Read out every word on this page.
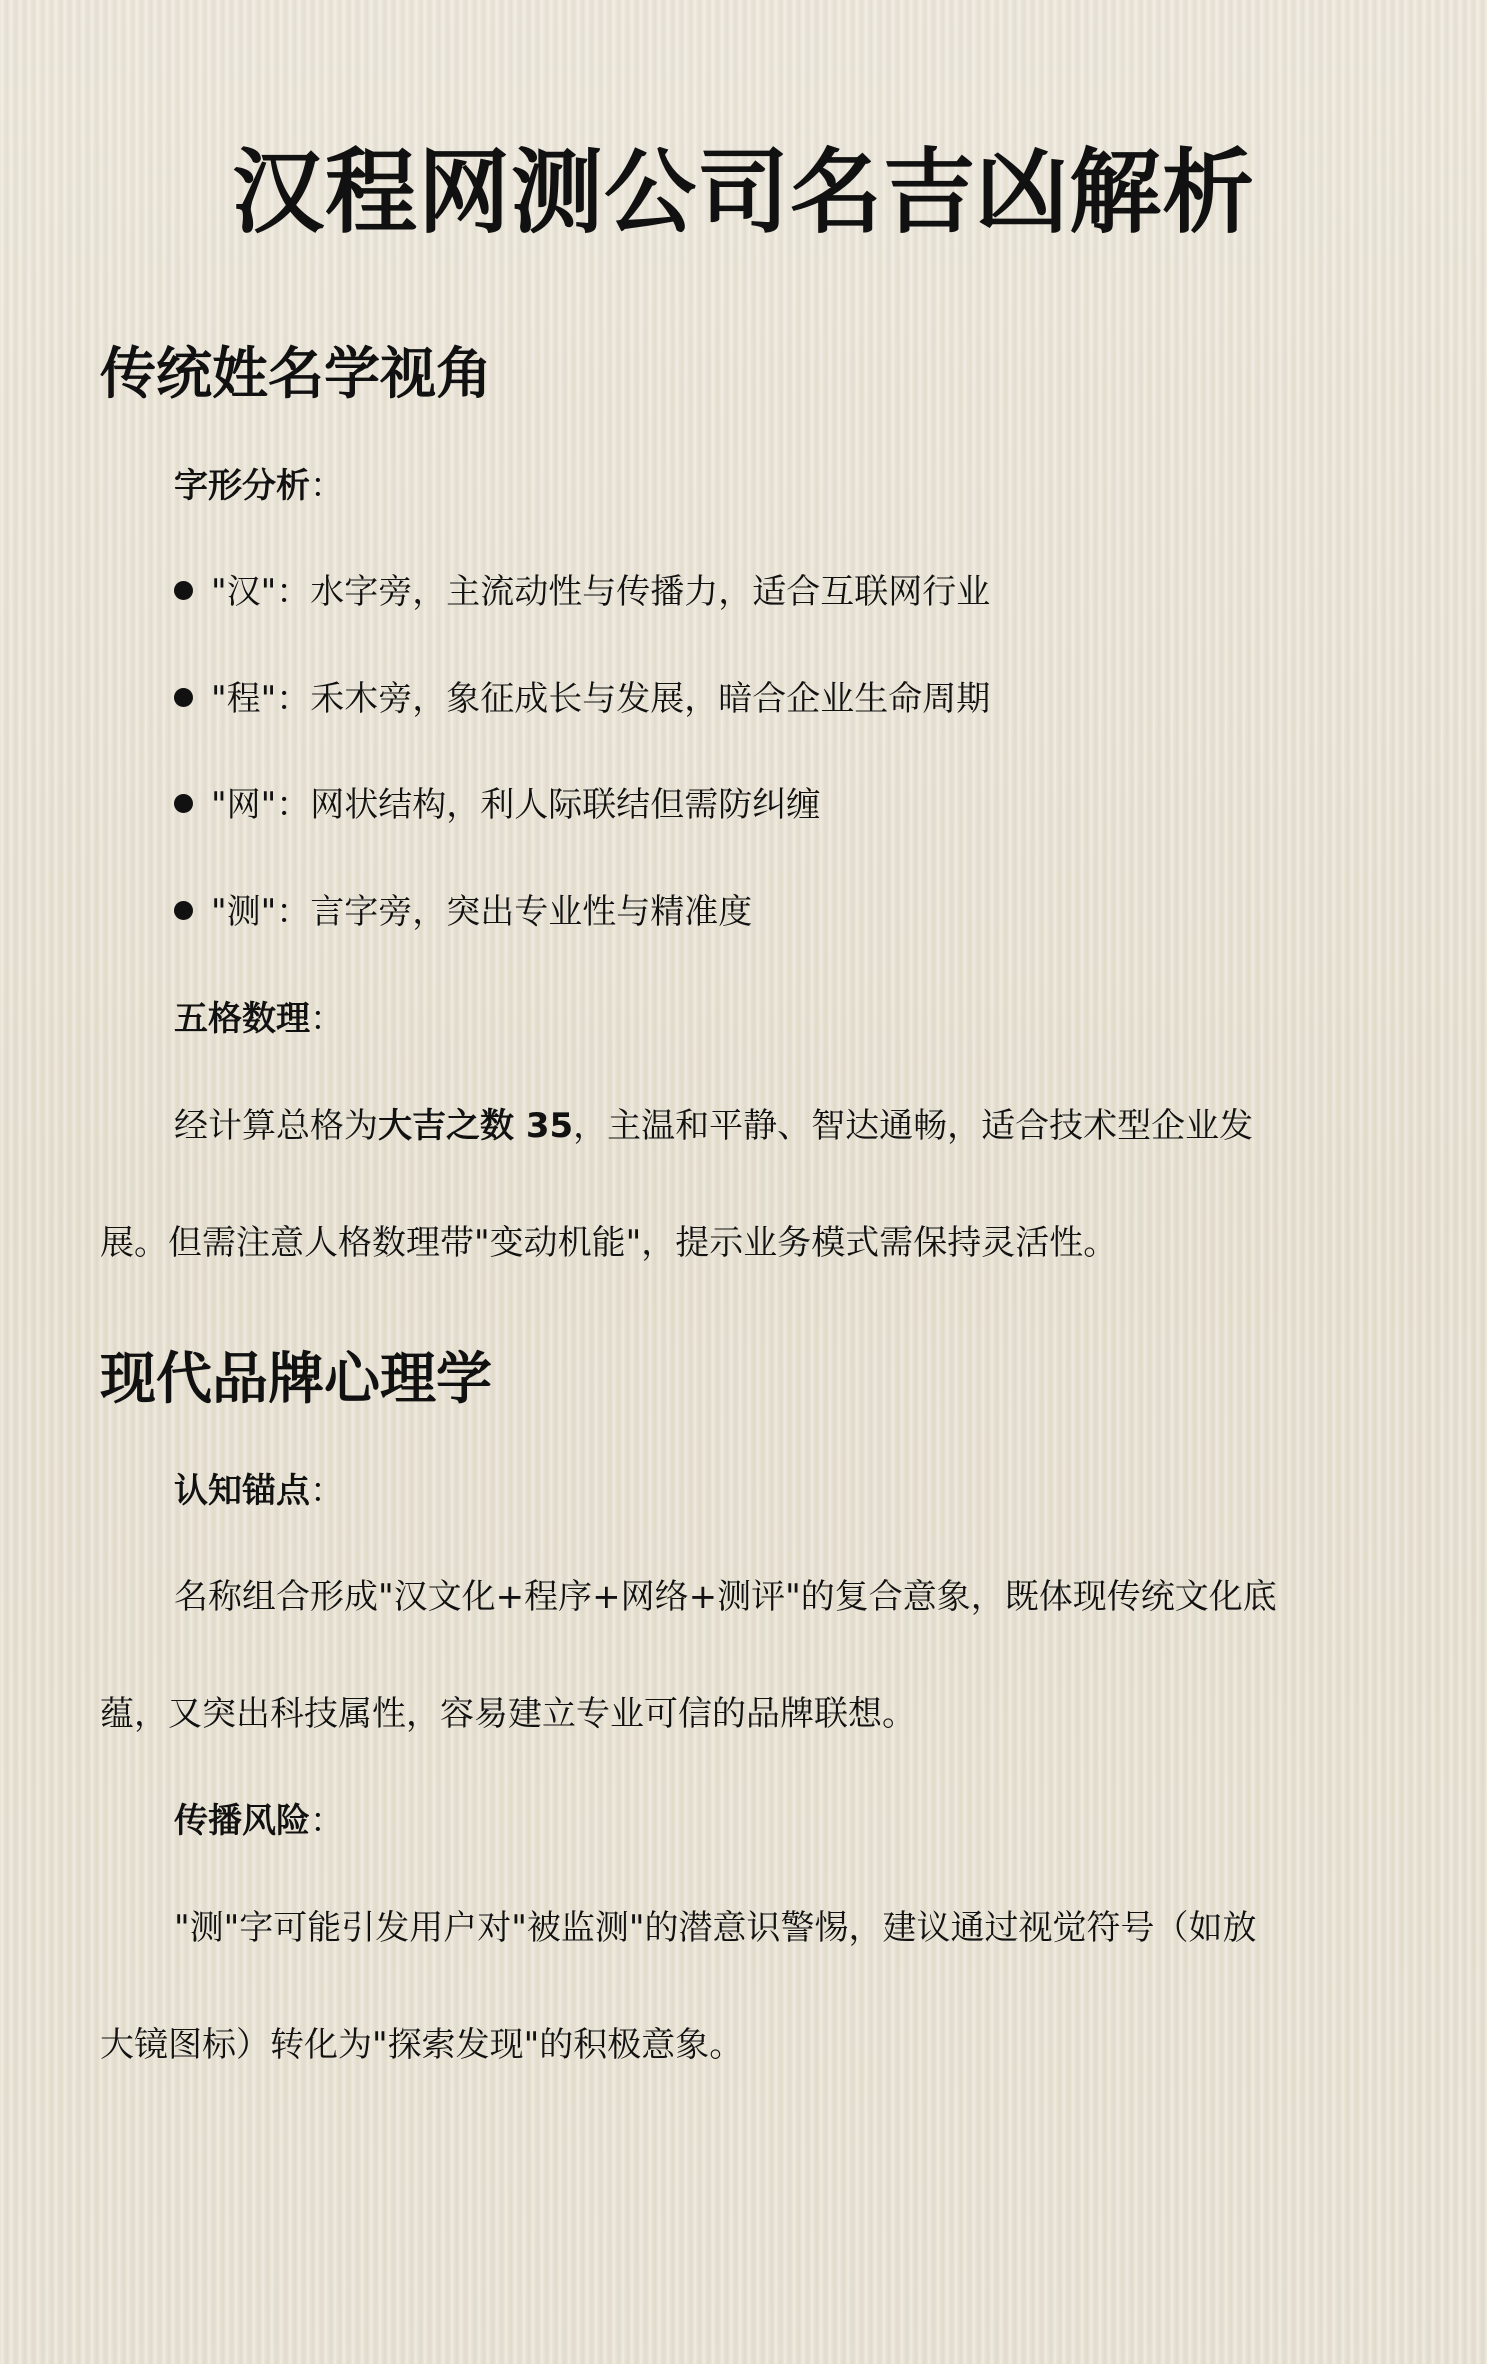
汉程网测公司名吉凶解析
传统姓名学视角

字形分析：

"汉"：水字旁，主流动性与传播力，适合互联网行业
"程"：禾木旁，象征成长与发展，暗合企业生命周期
"网"：网状结构，利人际联结但需防纠缠
"测"：言字旁，突出专业性与精准度

五格数理：

经计算总格为大吉之数 35，主温和平静、智达通畅，适合技术型企业发
展。但需注意人格数理带"变动机能"，提示业务模式需保持灵活性。
现代品牌心理学

认知锚点：

名称组合形成"汉文化+程序+网络+测评"的复合意象，既体现传统文化底
蕴，又突出科技属性，容易建立专业可信的品牌联想。

传播风险：

"测"字可能引发用户对"被监测"的潜意识警惕，建议通过视觉符号（如放
大镜图标）转化为"探索发现"的积极意象。
